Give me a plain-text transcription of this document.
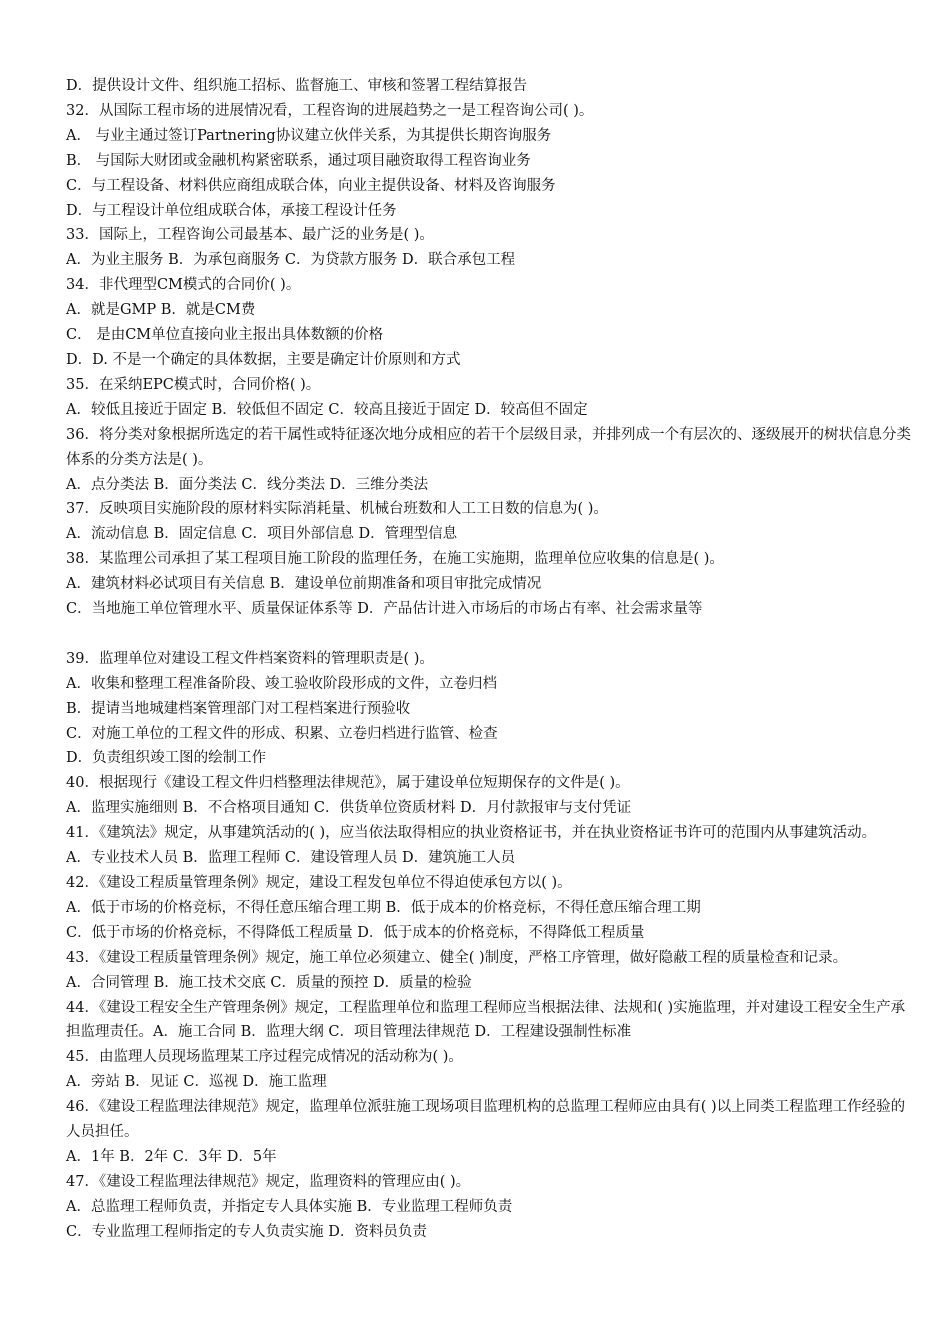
D．提供设计文件、组织施工招标、监督施工、审核和签署工程结算报告

32．从国际工程市场的进展情况看，工程咨询的进展趋势之一是工程咨询公司( )。

A． 与业主通过签订Partnering协议建立伙伴关系，为其提供长期咨询服务

B． 与国际大财团或金融机构紧密联系，通过项目融资取得工程咨询业务

C．与工程设备、材料供应商组成联合体，向业主提供设备、材料及咨询服务

D．与工程设计单位组成联合体，承接工程设计任务

33．国际上，工程咨询公司最基本、最广泛的业务是( )。

A．为业主服务 B．为承包商服务 C．为贷款方服务 D．联合承包工程

34．非代理型CM模式的合同价( )。

A．就是GMP B．就是CM费

C． 是由CM单位直接向业主报出具体数额的价格

D．D. 不是一个确定的具体数据，主要是确定计价原则和方式

35．在采纳EPC模式时，合同价格( )。

A．较低且接近于固定 B．较低但不固定 C．较高且接近于固定 D．较高但不固定

36．将分类对象根据所选定的若干属性或特征逐次地分成相应的若干个层级目录，并排列成一个有层次的、逐级展开的树状信息分类体系的分类方法是( )。

A．点分类法 B．面分类法 C．线分类法 D．三维分类法

37．反映项目实施阶段的原材料实际消耗量、机械台班数和人工工日数的信息为( )。

A．流动信息 B．固定信息 C．项目外部信息 D．管理型信息

38．某监理公司承担了某工程项目施工阶段的监理任务，在施工实施期，监理单位应收集的信息是( )。

A．建筑材料必试项目有关信息 B．建设单位前期准备和项目审批完成情况

C．当地施工单位管理水平、质量保证体系等 D．产品估计进入市场后的市场占有率、社会需求量等

39．监理单位对建设工程文件档案资料的管理职责是( )。

A．收集和整理工程准备阶段、竣工验收阶段形成的文件，立卷归档

B．提请当地城建档案管理部门对工程档案进行预验收

C．对施工单位的工程文件的形成、积累、立卷归档进行监管、检查

D．负责组织竣工图的绘制工作

40．根据现行《建设工程文件归档整理法律规范》，属于建设单位短期保存的文件是( )。

A．监理实施细则 B．不合格项目通知 C．供货单位资质材料 D．月付款报审与支付凭证

41．《建筑法》规定，从事建筑活动的( )，应当依法取得相应的执业资格证书，并在执业资格证书许可的范围内从事建筑活动。

A．专业技术人员 B．监理工程师 C．建设管理人员 D．建筑施工人员

42．《建设工程质量管理条例》规定，建设工程发包单位不得迫使承包方以( )。

A．低于市场的价格竞标，不得任意压缩合理工期 B．低于成本的价格竞标，不得任意压缩合理工期

C．低于市场的价格竞标，不得降低工程质量 D．低于成本的价格竞标，不得降低工程质量

43．《建设工程质量管理条例》规定，施工单位必须建立、健全( )制度，严格工序管理，做好隐蔽工程的质量检查和记录。

A．合同管理 B．施工技术交底 C．质量的预控 D．质量的检验

44．《建设工程安全生产管理条例》规定，工程监理单位和监理工程师应当根据法律、法规和( )实施监理，并对建设工程安全生产承担监理责任。A．施工合同 B．监理大纲 C．项目管理法律规范 D．工程建设强制性标准

45．由监理人员现场监理某工序过程完成情况的活动称为( )。

A．旁站 B．见证 C．巡视 D．施工监理

46．《建设工程监理法律规范》规定，监理单位派驻施工现场项目监理机构的总监理工程师应由具有( )以上同类工程监理工作经验的人员担任。

A．1年 B．2年 C．3年 D．5年

47．《建设工程监理法律规范》规定，监理资料的管理应由( )。

A．总监理工程师负责，并指定专人具体实施 B．专业监理工程师负责

C．专业监理工程师指定的专人负责实施 D．资料员负责
